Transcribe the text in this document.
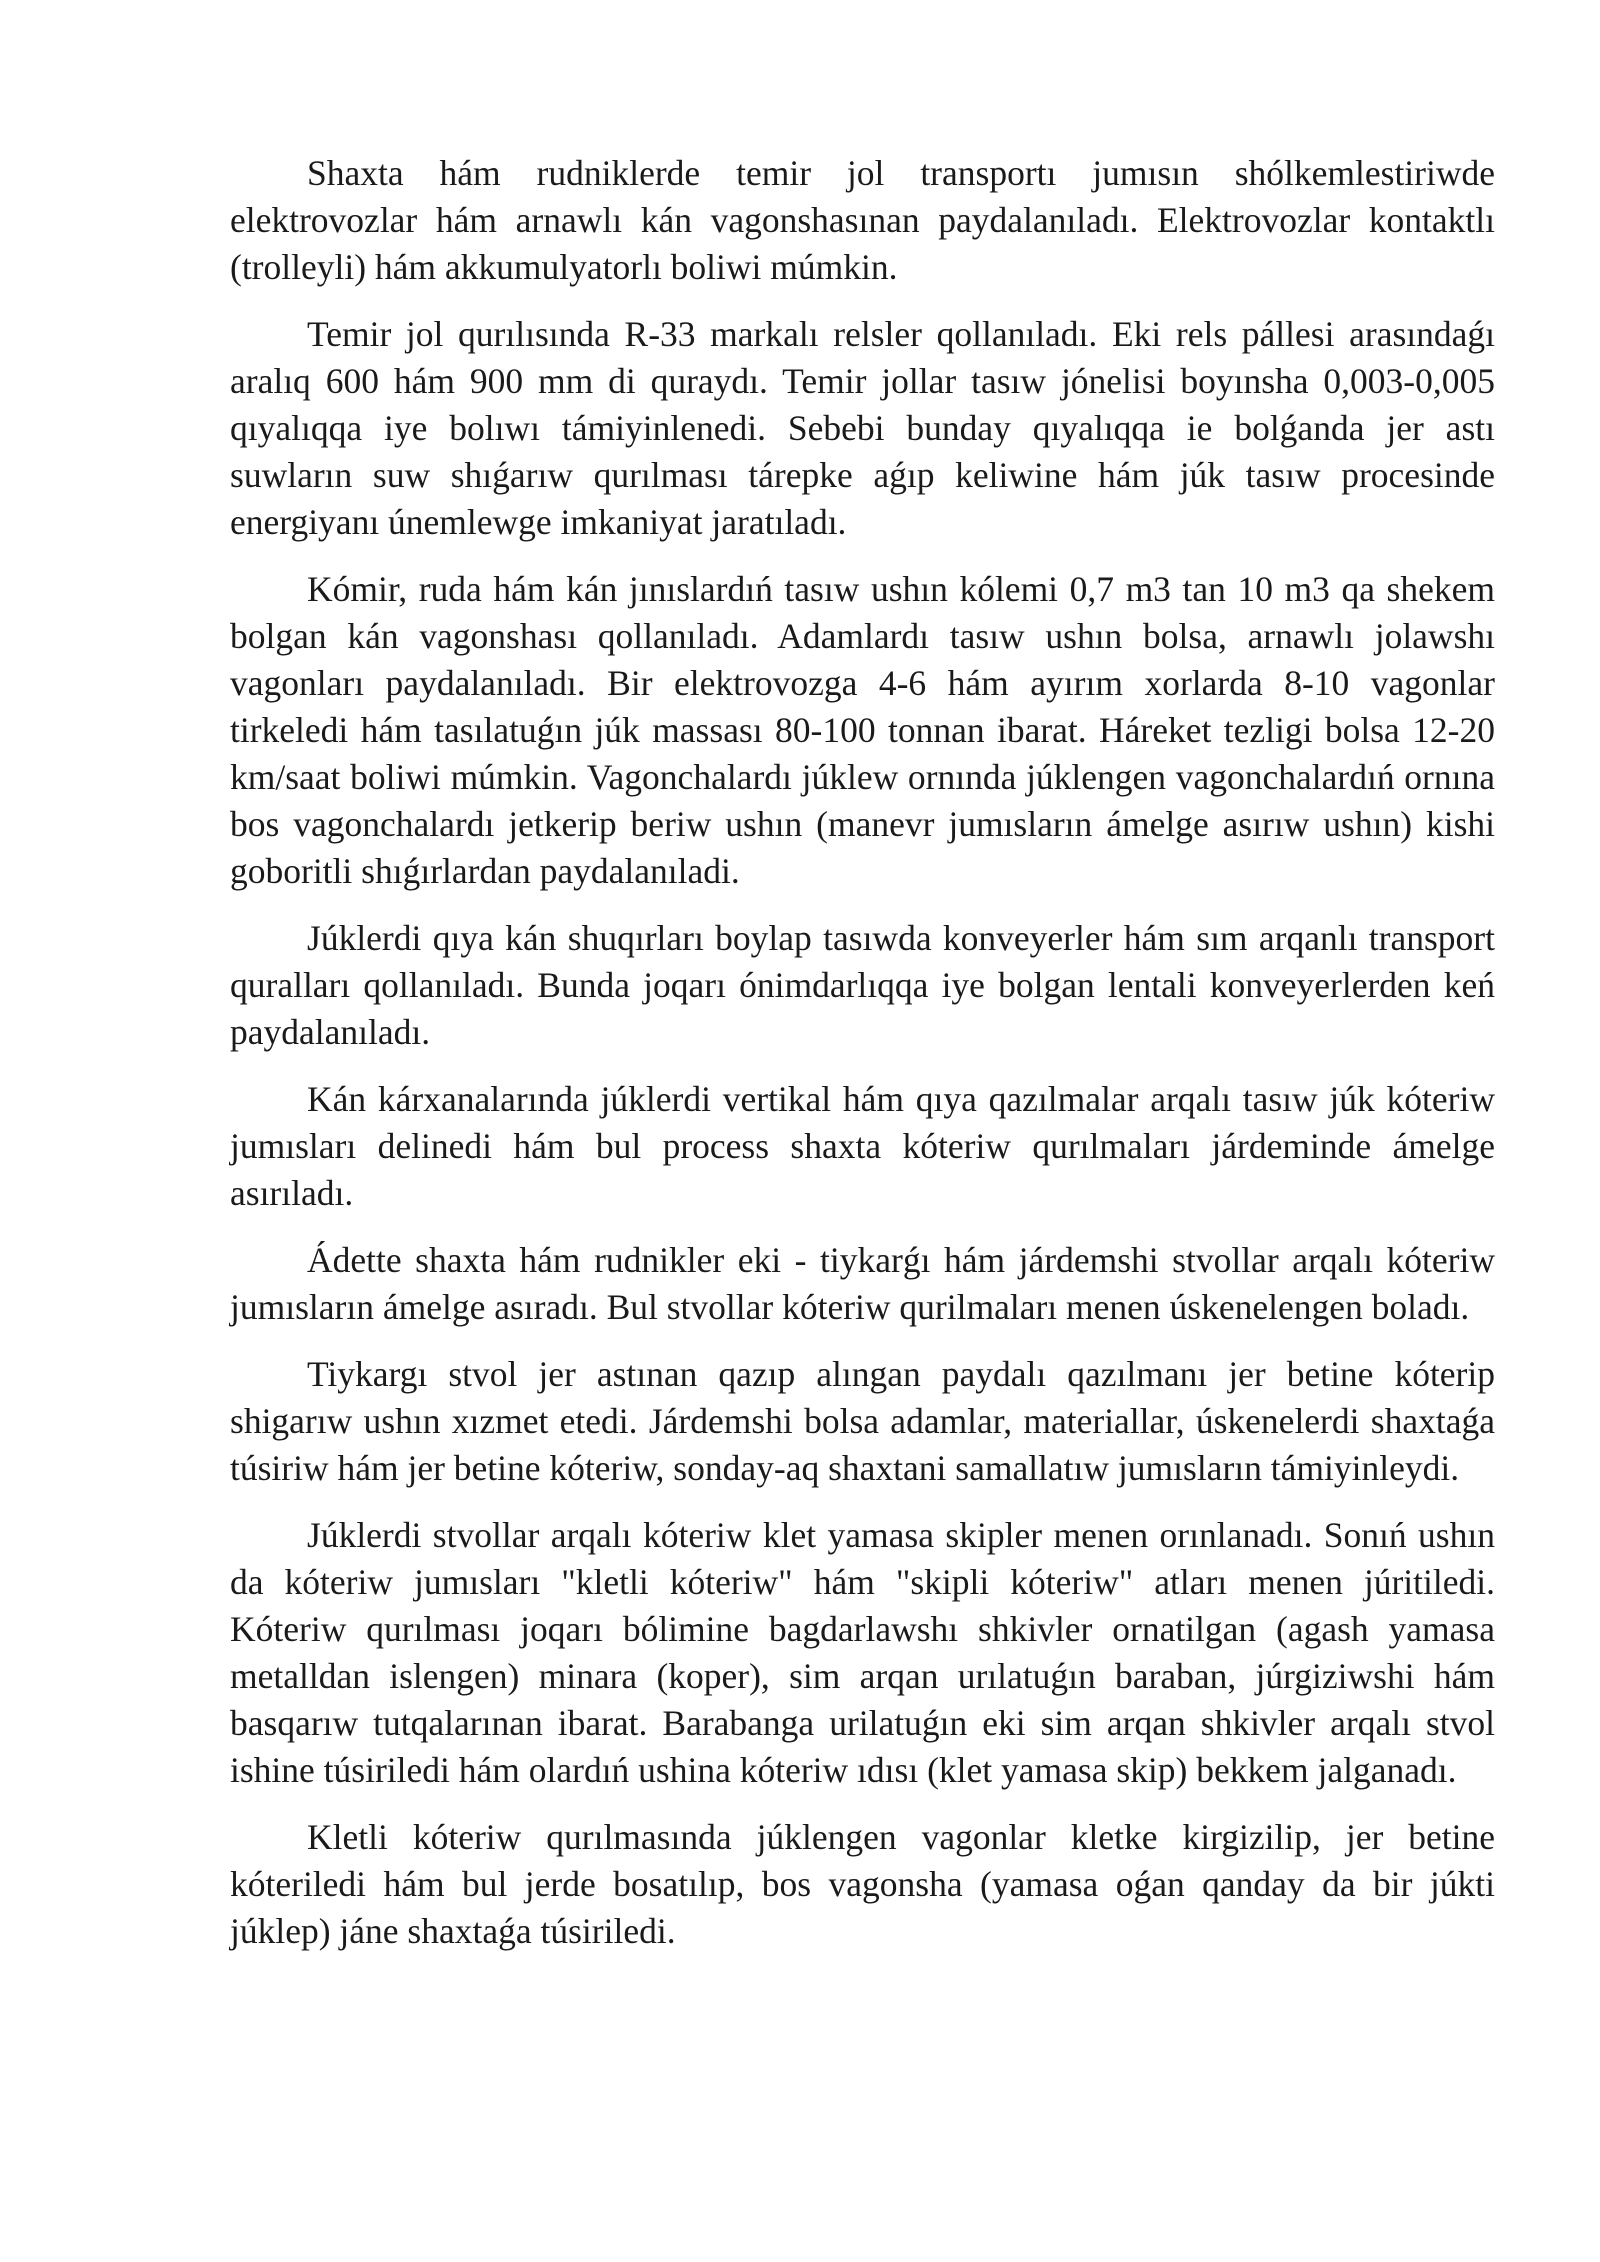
Shaxta hám rudniklerde temir jol transportı jumısın shólkemlestiriwde elektrovozlar hám arnawlı kán vagonshasınan paydalanıladı. Elektrovozlar kontaktlı (trolleyli) hám akkumulyatorlı boliwi múmkin.

Temir jol qurılısında R-33 markalı relsler qollanıladı. Eki rels pállesi arasındaǵı aralıq 600 hám 900 mm di quraydı. Temir jollar tasıw jónelisi boyınsha 0,003-0,005 qıyalıqqa iye bolıwı támiyinlenedi. Sebebi bunday qıyalıqqa ie bolǵanda jer astı suwların suw shıǵarıw qurılması tárepke aǵıp keliwine hám júk tasıw procesinde energiyanı únemlewge imkaniyat jaratıladı.

Kómir, ruda hám kán jınıslardıń tasıw ushın kólemi 0,7 m3 tan 10 m3 qa shekem bolgan kán vagonshası qollanıladı. Adamlardı tasıw ushın bolsa, arnawlı jolawshı vagonları paydalanıladı. Bir elektrovozga 4-6 hám ayırım xorlarda 8-10 vagonlar tirkeledi hám tasılatuǵın júk massası 80-100 tonnan ibarat. Háreket tezligi bolsa 12-20 km/saat boliwi múmkin. Vagonchalardı júklew ornında júklengen vagonchalardıń ornına bos vagonchalardı jetkerip beriw ushın (manevr jumısların ámelge asırıw ushın) kishi goboritli shıǵırlardan paydalanıladi.

Júklerdi qıya kán shuqırları boylap tasıwda konveyerler hám sım arqanlı transport quralları qollanıladı. Bunda joqarı ónimdarlıqqa iye bolgan lentali konveyerlerden keń paydalanıladı.

Kán kárxanalarında júklerdi vertikal hám qıya qazılmalar arqalı tasıw júk kóteriw jumısları delinedi hám bul process shaxta kóteriw qurılmaları járdeminde ámelge asırıladı.

Ádette shaxta hám rudnikler eki - tiykarǵı hám járdemshi stvollar arqalı kóteriw jumısların ámelge asıradı. Bul stvollar kóteriw qurilmaları menen úskenelengen boladı.

Tiykargı stvol jer astınan qazıp alıngan paydalı qazılmanı jer betine kóterip shigarıw ushın xızmet etedi. Járdemshi bolsa adamlar, materiallar, úskenelerdi shaxtaǵa túsiriw hám jer betine kóteriw, sonday-aq shaxtani samallatıw jumısların támiyinleydi.

Júklerdi stvollar arqalı kóteriw klet yamasa skipler menen orınlanadı. Sonıń ushın da kóteriw jumısları "kletli kóteriw" hám "skipli kóteriw" atları menen júritiledi. Kóteriw qurılması joqarı bólimine bagdarlawshı shkivler ornatilgan (agash yamasa metalldan islengen) minara (koper), sim arqan urılatuǵın baraban, júrgiziwshi hám basqarıw tutqalarınan ibarat. Barabanga urilatuǵın eki sim arqan shkivler arqalı stvol ishine túsiriledi hám olardıń ushina kóteriw ıdısı (klet yamasa skip) bekkem jalganadı.

Kletli kóteriw qurılmasında júklengen vagonlar kletke kirgizilip, jer betine kóteriledi hám bul jerde bosatılıp, bos vagonsha (yamasa oǵan qanday da bir júkti júklep) jáne shaxtaǵa túsiriledi.
